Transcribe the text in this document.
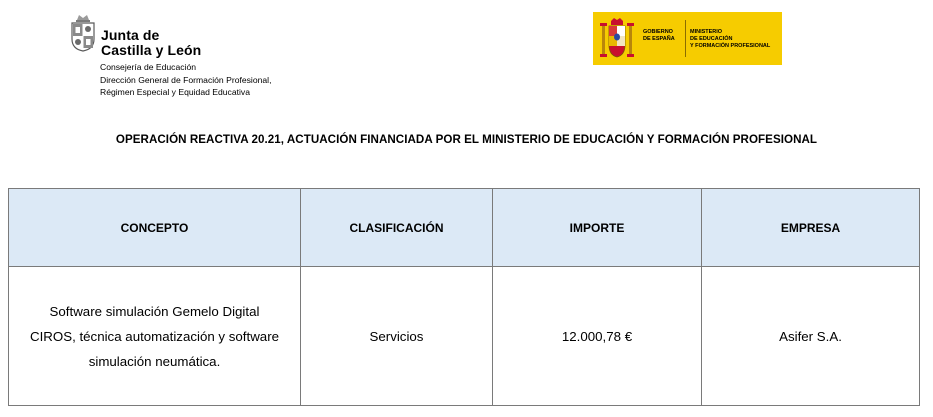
Junta de
Castilla y León
Consejería de Educación
Dirección General de Formación Profesional,
Régimen Especial y Equidad Educativa
GOBIERNO
DE ESPAÑA
MINISTERIO
DE EDUCACIÓN
Y FORMACIÓN PROFESIONAL
OPERACIÓN REACTIVA 20.21, ACTUACIÓN FINANCIADA POR EL MINISTERIO DE EDUCACIÓN Y FORMACIÓN PROFESIONAL
CONCEPTO	CLASIFICACIÓN	IMPORTE	EMPRESA

Software simulación Gemelo Digital
CIROS, técnica automatización y software
simulación neumática.	Servicios	12.000,78 €	Asifer S.A.
